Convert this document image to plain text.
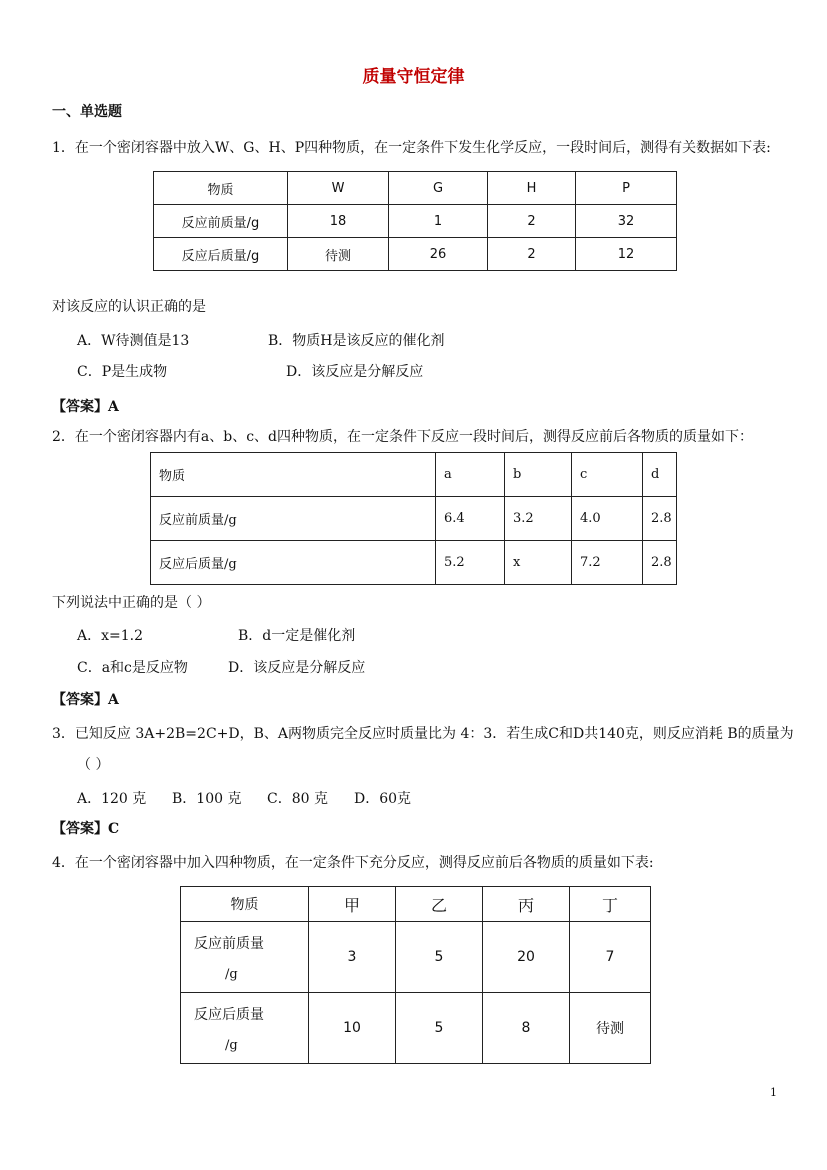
质量守恒定律
一、单选题
1．在一个密闭容器中放入W、G、H、P四种物质，在一定条件下发生化学反应，一段时间后，测得有关数据如下表:
物质	W	G	H	P
反应前质量/g	18	1	2	32
反应后质量/g	待测	26	2	12
对该反应的认识正确的是
A．W待测值是13	B．物质H是该反应的催化剂
C．P是生成物	D．该反应是分解反应
【答案】A
2．在一个密闭容器内有a、b、c、d四种物质，在一定条件下反应一段时间后，测得反应前后各物质的质量如下：
物质	a	b	c	d
反应前质量/g	6.4	3.2	4.0	2.8
反应后质量/g	5.2	x	7.2	2.8
下列说法中正确的是（ ）
A．x=1.2	B．d一定是催化剂
C．a和c是反应物	D．该反应是分解反应
【答案】A
3．已知反应 3A+2B=2C+D，B、A两物质完全反应时质量比为 4：3．若生成C和D共140克，则反应消耗 B的质量为
（ ）
A．120 克 B．100 克 C．80 克 D．60克
【答案】C
4．在一个密闭容器中加入四种物质，在一定条件下充分反应，测得反应前后各物质的质量如下表:
物质	甲	乙	丙	丁

反应前质量
/g	3	5	20	7

反应后质量
/g	10	5	8	待测
1
